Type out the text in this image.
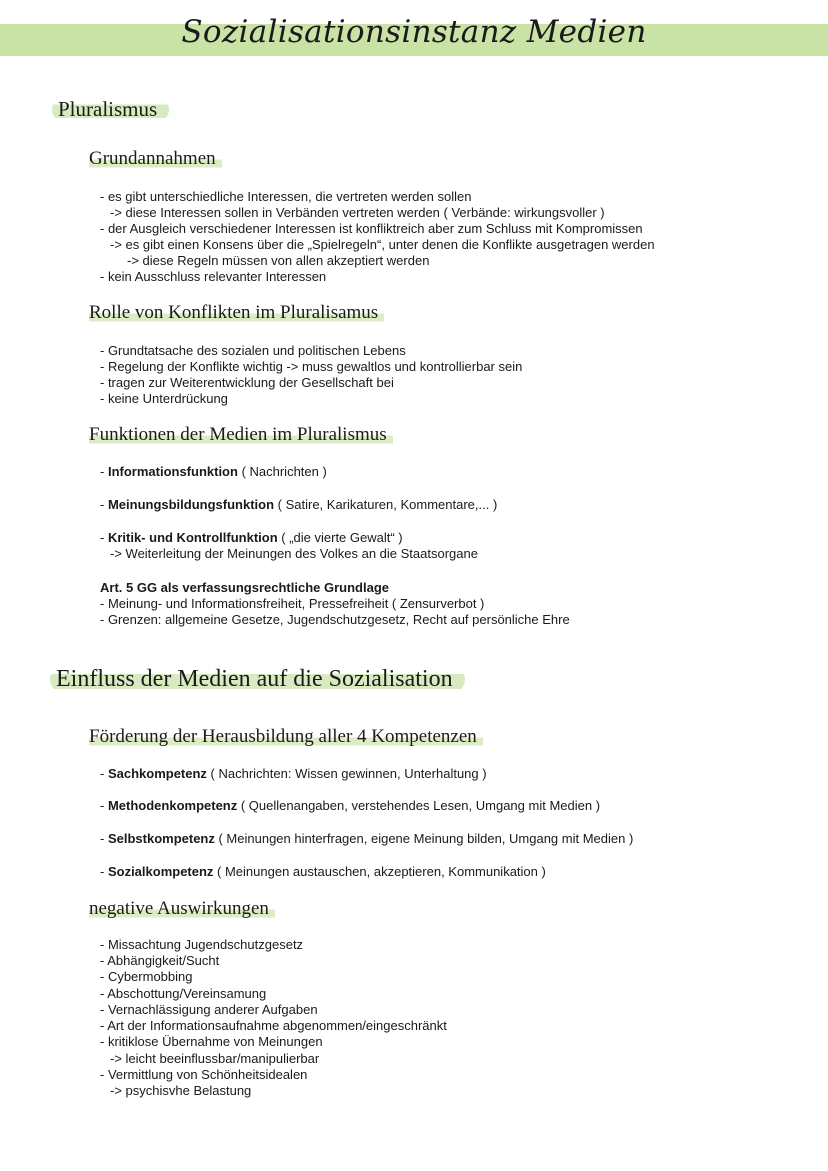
Sozialisationsinstanz Medien
Pluralismus
Grundannahmen
- es gibt unterschiedliche Interessen, die vertreten werden sollen
-> diese Interessen sollen in Verbänden vertreten werden ( Verbände: wirkungsvoller )
- der Ausgleich verschiedener Interessen ist konfliktreich aber zum Schluss mit Kompromissen
-> es gibt einen Konsens über die „Spielregeln“, unter denen die Konflikte ausgetragen werden
-> diese Regeln müssen von allen akzeptiert werden
- kein Ausschluss relevanter Interessen
Rolle von Konflikten im Pluralisamus
- Grundtatsache des sozialen und politischen Lebens
- Regelung der Konflikte wichtig -> muss gewaltlos und kontrollierbar sein
- tragen zur Weiterentwicklung der Gesellschaft bei
- keine Unterdrückung
Funktionen der Medien im Pluralismus
- Informationsfunktion ( Nachrichten )
- Meinungsbildungsfunktion ( Satire, Karikaturen, Kommentare,... )
- Kritik- und Kontrollfunktion ( „die vierte Gewalt“ )
-> Weiterleitung der Meinungen des Volkes an die Staatsorgane
Art. 5 GG als verfassungsrechtliche Grundlage
- Meinung- und Informationsfreiheit, Pressefreiheit ( Zensurverbot )
- Grenzen: allgemeine Gesetze, Jugendschutzgesetz, Recht auf persönliche Ehre
Einfluss der Medien auf die Sozialisation
Förderung der Herausbildung aller 4 Kompetenzen
- Sachkompetenz ( Nachrichten: Wissen gewinnen, Unterhaltung )
- Methodenkompetenz ( Quellenangaben, verstehendes Lesen, Umgang mit Medien )
- Selbstkompetenz ( Meinungen hinterfragen, eigene Meinung bilden, Umgang mit Medien )
- Sozialkompetenz ( Meinungen austauschen, akzeptieren, Kommunikation )
negative Auswirkungen
- Missachtung Jugendschutzgesetz
- Abhängigkeit/Sucht
- Cybermobbing
- Abschottung/Vereinsamung
- Vernachlässigung anderer Aufgaben
- Art der Informationsaufnahme abgenommen/eingeschränkt
- kritiklose Übernahme von Meinungen
-> leicht beeinflussbar/manipulierbar
- Vermittlung von Schönheitsidealen
-> psychisvhe Belastung
